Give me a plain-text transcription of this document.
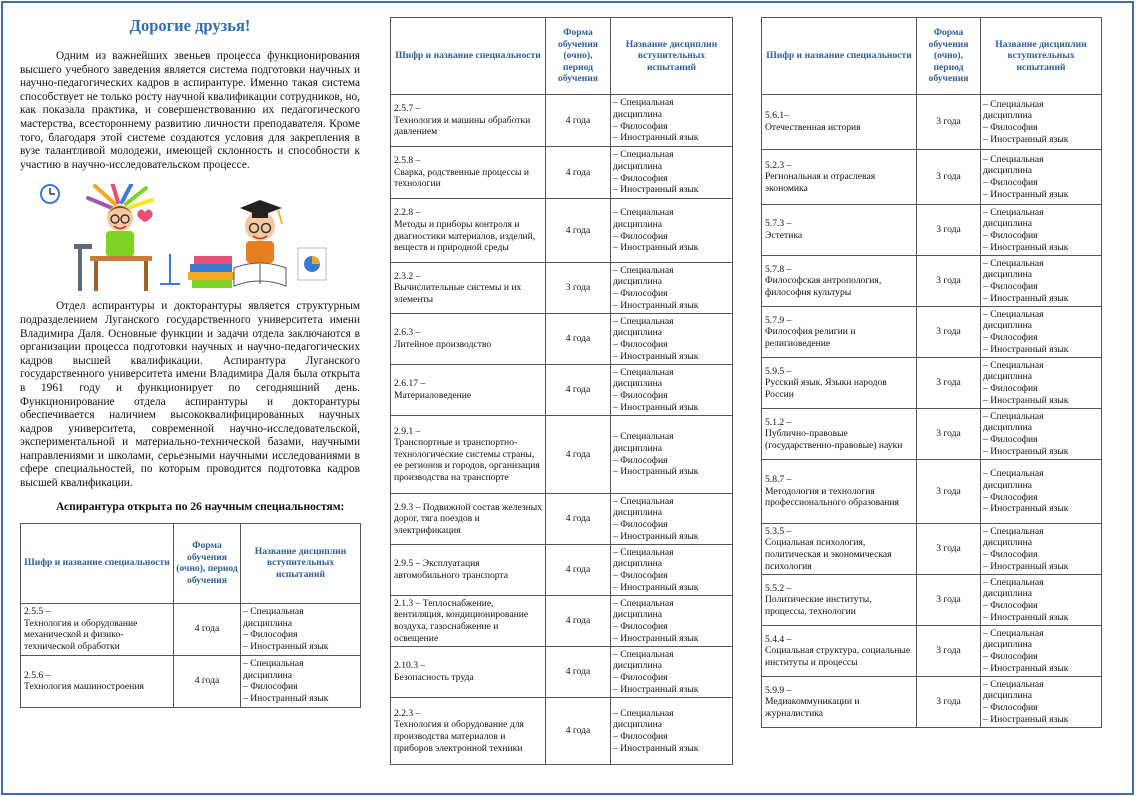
Дорогие друзья!

Одним из важнейших звеньев процесса функционирования высшего учебного заведения является система подготовки научных и научно-педагогических кадров в аспирантуре. Именно такая система способствует не только росту научной квалификации сотрудников, но, как показала практика, и совершенствованию их педагогического мастерства, всестороннему развитию личности преподавателя. Кроме того, благодаря этой системе создаются условия для закрепления в вузе талантливой молодежи, имеющей склонность и способности к участию в научно-исследовательском процессе.

Отдел аспирантуры и докторантуры является структурным подразделением Луганского государственного университета имени Владимира Даля. Основные функции и задачи отдела заключаются в организации процесса подготовки научных и научно-педагогических кадров высшей квалификации. Аспирантура Луганского государственного университета имени Владимира Даля была открыта в 1961 году и функционирует по сегодняшний день. Функционирование отдела аспирантуры и докторантуры обеспечивается наличием высококвалифицированных научных кадров университета, современной научно-исследовательской, экспериментальной и материально-технической базами, научными направлениями и школами, серьезными научными исследованиями в сфере специальностей, по которым проводится подготовка кадров высшей квалификации.

Аспирантура открыта по 26 научным специальностям:

Шифр и название специальности	Форма обучения (очно), период обучения	Название дисциплин вступительных испытаний
2.5.5 –
Технология и оборудование механической и физико-технической обработки	4 года	– Специальная
дисциплина
– Философия
– Иностранный язык

2.5.6 –
Технология машиностроения	4 года	– Специальная
дисциплина
– Философия
– Иностранный язык
Шифр и название специальности	Форма обучения (очно), период обучения	Название дисциплин вступительных испытаний
2.5.7 –
Технология и машины обработки давлением	4 года	– Специальная
дисциплина
– Философия
– Иностранный язык

2.5.8 –
Сварка, родственные процессы и технологии	4 года	– Специальная
дисциплина
– Философия
– Иностранный язык

2.2.8 –
Методы и приборы контроля и диагностики материалов, изделий, веществ и природной среды	4 года	– Специальная
дисциплина
– Философия
– Иностранный язык

2.3.2 –
Вычислительные системы и их элементы	3 года	– Специальная
дисциплина
– Философия
– Иностранный язык

2.6.3 –
Литейное производство	4 года	– Специальная
дисциплина
– Философия
– Иностранный язык

2.6.17 –
Материаловедение	4 года	– Специальная
дисциплина
– Философия
– Иностранный язык

2.9.1 –
Транспортные и транспортно-технологические системы страны, ее регионов и городов, организация производства на транспорте	4 года	– Специальная
дисциплина
– Философия
– Иностранный язык

2.9.3 – Подвижной состав железных дорог, тяга поездов и электрификация	4 года	– Специальная
дисциплина
– Философия
– Иностранный язык

2.9.5 – Эксплуатация автомобильного транспорта	4 года	– Специальная
дисциплина
– Философия
– Иностранный язык

2.1.3 – Теплоснабжение, вентиляция, кондиционирование воздуха, газоснабжение и освещение	4 года	– Специальная
дисциплина
– Философия
– Иностранный язык

2.10.3 –
Безопасность труда	4 года	– Специальная
дисциплина
– Философия
– Иностранный язык

2.2.3 –
Технология и оборудование для производства материалов и приборов электронной техники	4 года	– Специальная
дисциплина
– Философия
– Иностранный язык
Шифр и название специальности	Форма обучения (очно), период обучения	Название дисциплин вступительных испытаний
5.6.1–
Отечественная история	3 года	– Специальная
дисциплина
– Философия
– Иностранный язык

5.2.3 –
Региональная и отраслевая экономика	3 года	– Специальная
дисциплина
– Философия
– Иностранный язык

5.7.3 –
Эстетика	3 года	– Специальная
дисциплина
– Философия
– Иностранный язык

5.7.8 –
Философская антропология, философия культуры	3 года	– Специальная
дисциплина
– Философия
– Иностранный язык

5.7.9 –
Философия религии и религиоведение	3 года	– Специальная
дисциплина
– Философия
– Иностранный язык

5.9.5 –
Русский язык. Языки народов России	3 года	– Специальная
дисциплина
– Философия
– Иностранный язык

5.1.2 –
Публично-правовые (государственно-правовые) науки	3 года	– Специальная
дисциплина
– Философия
– Иностранный язык

5.8.7 –
Методология и технология профессионального образования	3 года	– Специальная
дисциплина
– Философия
– Иностранный язык

5.3.5 –
Социальная психология, политическая и экономическая психология	3 года	– Специальная
дисциплина
– Философия
– Иностранный язык

5.5.2 –
Политические институты, процессы, технологии	3 года	– Специальная
дисциплина
– Философия
– Иностранный язык

5.4.4 –
Социальная структура, социальные институты и процессы	3 года	– Специальная
дисциплина
– Философия
– Иностранный язык

5.9.9 –
Медиакоммуникации и журналистика	3 года	– Специальная
дисциплина
– Философия
– Иностранный язык
